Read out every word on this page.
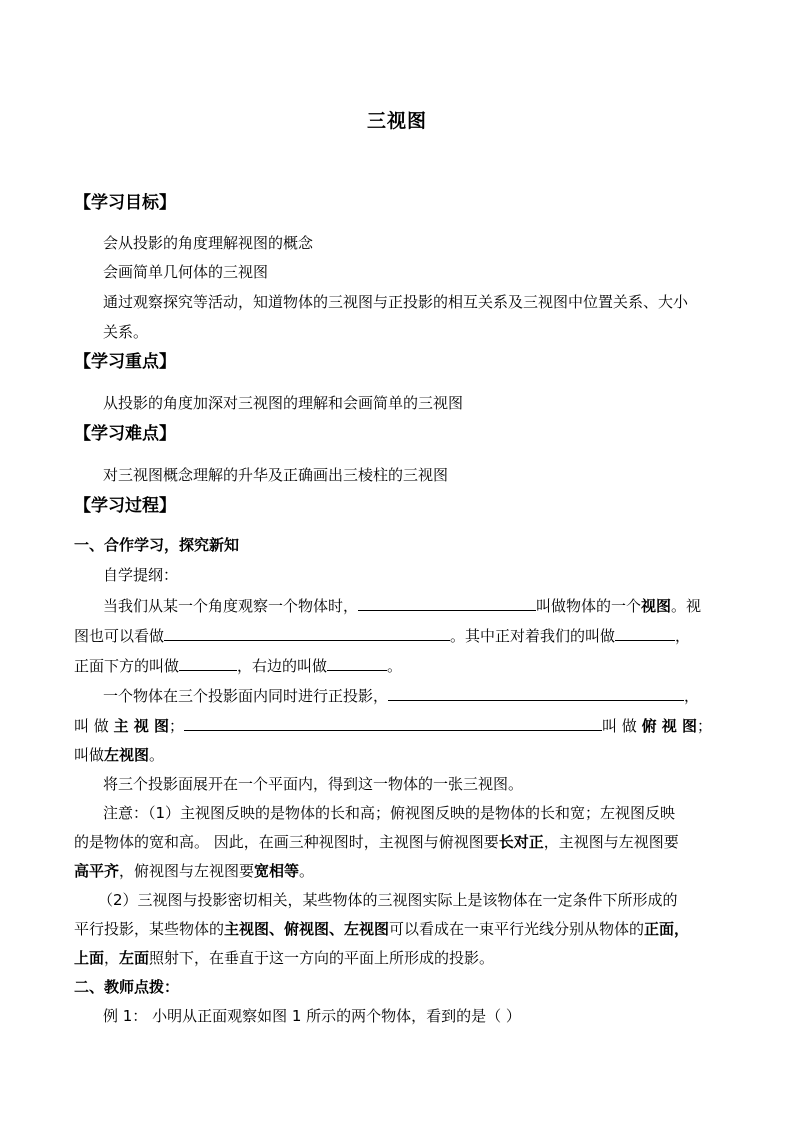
三视图
【学习目标】
会从投影的角度理解视图的概念
会画简单几何体的三视图
通过观察探究等活动，知道物体的三视图与正投影的相互关系及三视图中位置关系、大小
关系。
【学习重点】
从投影的角度加深对三视图的理解和会画简单的三视图
【学习难点】
对三视图概念理解的升华及正确画出三棱柱的三视图
【学习过程】
一、合作学习，探究新知
自学提纲：
当我们从某一个角度观察一个物体时，	叫做物体的一个视图。视
图也可以看做	。其中正对着我们的叫做	，
正面下方的叫做	，右边的叫做	。
一个物体在三个投影面内同时进行正投影，	，
叫 做 主 视 图；	叫 做 俯 视 图；
叫做左视图。
将三个投影面展开在一个平面内，得到这一物体的一张三视图。
注意：（1）主视图反映的是物体的长和高；俯视图反映的是物体的长和宽；左视图反映
的是物体的宽和高。 因此，在画三种视图时，主视图与俯视图要长对正，主视图与左视图要
高平齐，俯视图与左视图要宽相等。
（2）三视图与投影密切相关，某些物体的三视图实际上是该物体在一定条件下所形成的
平行投影，某些物体的主视图、俯视图、左视图可以看成在一束平行光线分别从物体的正面，
上面，左面照射下，在垂直于这一方向的平面上所形成的投影。
二、教师点拨：
例 1： 小明从正面观察如图 1 所示的两个物体，看到的是（ ）
